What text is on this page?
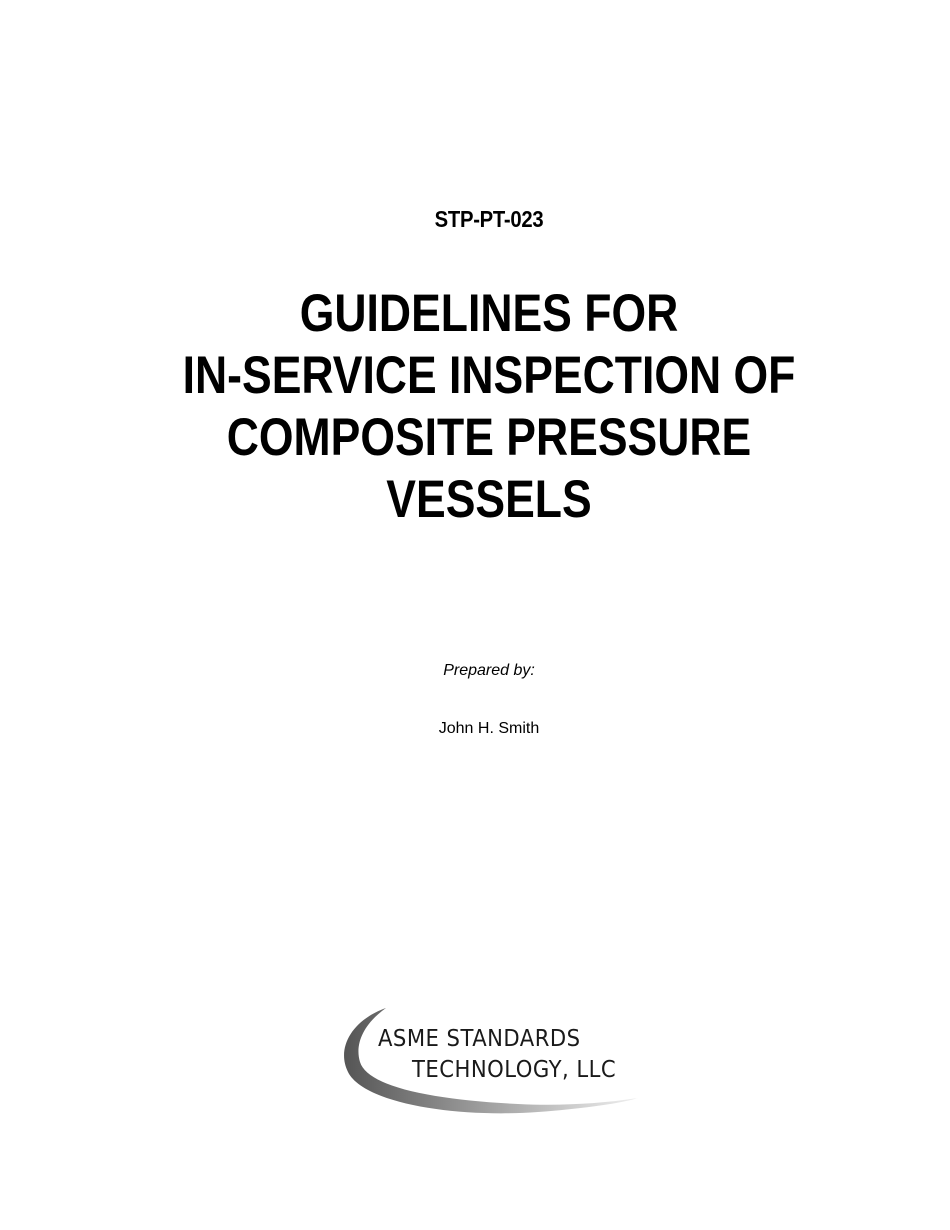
STP-PT-023
GUIDELINES FOR
IN-SERVICE INSPECTION OF
COMPOSITE PRESSURE
VESSELS
Prepared by:
John H. Smith
ASME STANDARDS
TECHNOLOGY, LLC
